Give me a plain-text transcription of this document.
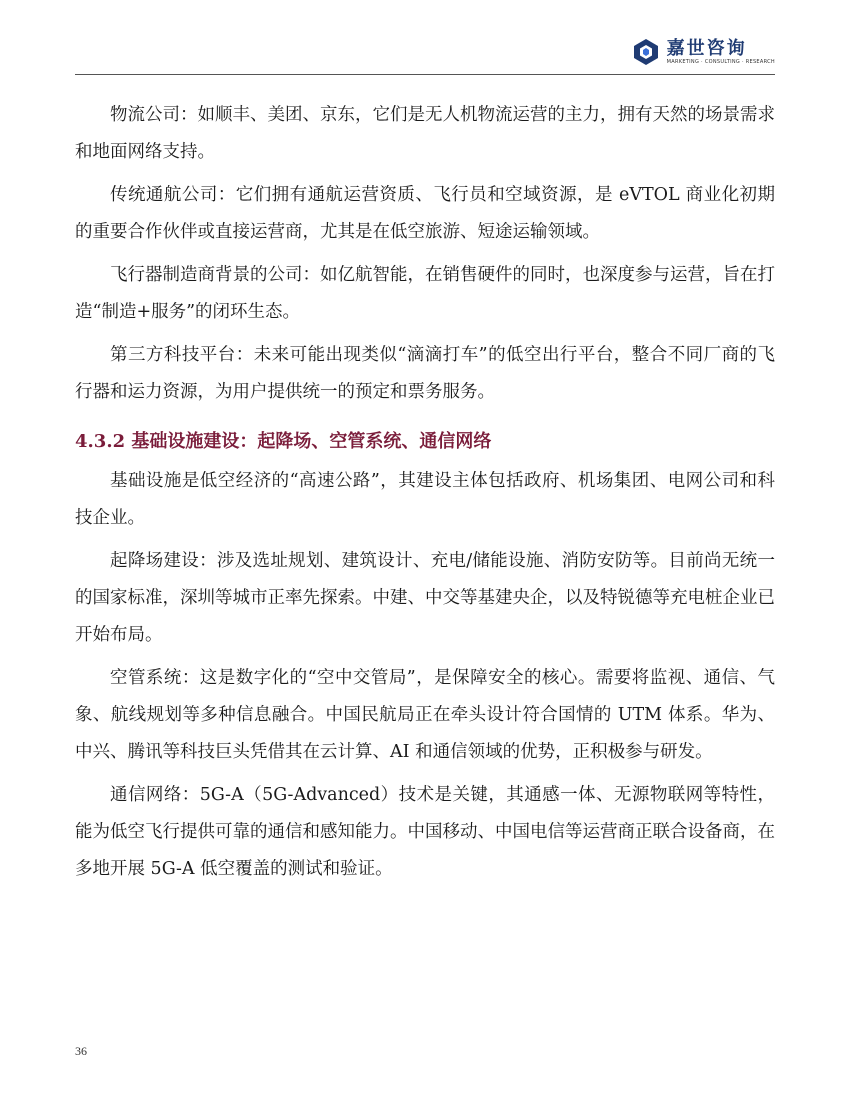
嘉世咨询
MARKETING · CONSULTING · RESEARCH

物流公司：如顺丰、美团、京东，它们是无人机物流运营的主力，拥有天然的场景需求和地面网络支持。

传统通航公司：它们拥有通航运营资质、飞行员和空域资源，是 eVTOL 商业化初期的重要合作伙伴或直接运营商，尤其是在低空旅游、短途运输领域。

飞行器制造商背景的公司：如亿航智能，在销售硬件的同时，也深度参与运营，旨在打造“制造+服务”的闭环生态。

第三方科技平台：未来可能出现类似“滴滴打车”的低空出行平台，整合不同厂商的飞行器和运力资源，为用户提供统一的预定和票务服务。

4.3.2 基础设施建设：起降场、空管系统、通信网络

基础设施是低空经济的“高速公路”，其建设主体包括政府、机场集团、电网公司和科技企业。

起降场建设：涉及选址规划、建筑设计、充电/储能设施、消防安防等。目前尚无统一的国家标准，深圳等城市正率先探索。中建、中交等基建央企，以及特锐德等充电桩企业已开始布局。

空管系统：这是数字化的“空中交管局”，是保障安全的核心。需要将监视、通信、气象、航线规划等多种信息融合。中国民航局正在牵头设计符合国情的 UTM 体系。华为、中兴、腾讯等科技巨头凭借其在云计算、AI 和通信领域的优势，正积极参与研发。

通信网络：5G-A（5G-Advanced）技术是关键，其通感一体、无源物联网等特性，能为低空飞行提供可靠的通信和感知能力。中国移动、中国电信等运营商正联合设备商，在多地开展 5G-A 低空覆盖的测试和验证。

36
